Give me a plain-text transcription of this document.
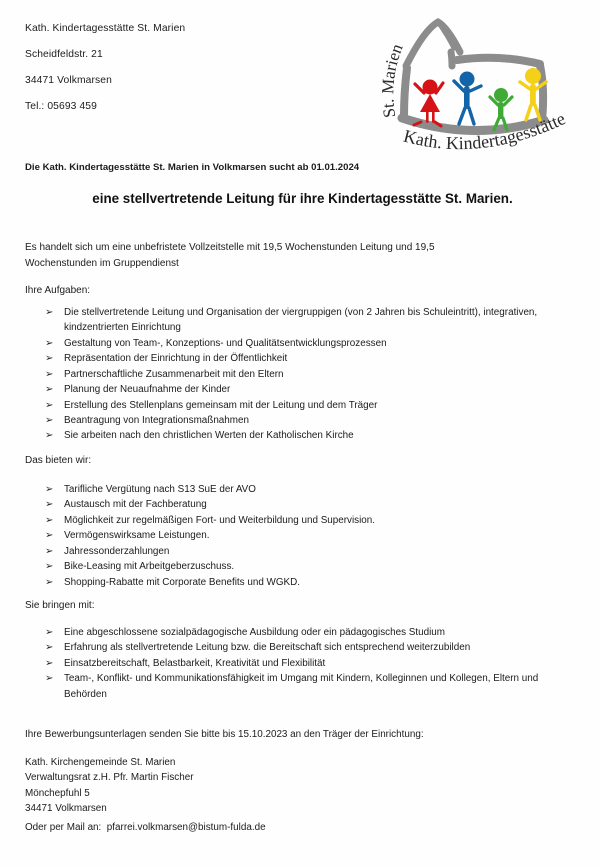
Kath. Kindertagesstätte St. Marien
Scheidfeldstr. 21
34471 Volkmarsen
Tel.: 05693 459
St. Marien
Kath. Kindertagesstätte
Die Kath. Kindertagesstätte St. Marien in Volkmarsen sucht ab 01.01.2024
eine stellvertretende Leitung für ihre Kindertagesstätte St. Marien.
Es handelt sich um eine unbefristete Vollzeitstelle mit 19,5 Wochenstunden Leitung und 19,5 Wochenstunden im Gruppendienst
Ihre Aufgaben:
➢ Die stellvertretende Leitung und Organisation der viergruppigen (von 2 Jahren bis Schuleintritt), integrativen, kindzentrierten Einrichtung
➢ Gestaltung von Team-, Konzeptions- und Qualitätsentwicklungsprozessen
➢ Repräsentation der Einrichtung in der Öffentlichkeit
➢ Partnerschaftliche Zusammenarbeit mit den Eltern
➢ Planung der Neuaufnahme der Kinder
➢ Erstellung des Stellenplans gemeinsam mit der Leitung und dem Träger
➢ Beantragung von Integrationsmaßnahmen
➢ Sie arbeiten nach den christlichen Werten der Katholischen Kirche
Das bieten wir:
➢ Tarifliche Vergütung nach S13 SuE der AVO
➢ Austausch mit der Fachberatung
➢ Möglichkeit zur regelmäßigen Fort- und Weiterbildung und Supervision.
➢ Vermögenswirksame Leistungen.
➢ Jahressonderzahlungen
➢ Bike-Leasing mit Arbeitgeberzuschuss.
➢ Shopping-Rabatte mit Corporate Benefits und WGKD.
Sie bringen mit:
➢ Eine abgeschlossene sozialpädagogische Ausbildung oder ein pädagogisches Studium
➢ Erfahrung als stellvertretende Leitung bzw. die Bereitschaft sich entsprechend weiterzubilden
➢ Einsatzbereitschaft, Belastbarkeit, Kreativität und Flexibilität
➢ Team-, Konflikt- und Kommunikationsfähigkeit im Umgang mit Kindern, Kolleginnen und Kollegen, Eltern und Behörden
Ihre Bewerbungsunterlagen senden Sie bitte bis 15.10.2023 an den Träger der Einrichtung:
Kath. Kirchengemeinde St. Marien
Verwaltungsrat z.H. Pfr. Martin Fischer
Mönchepfuhl 5
34471 Volkmarsen
Oder per Mail an: pfarrei.volkmarsen@bistum-fulda.de
